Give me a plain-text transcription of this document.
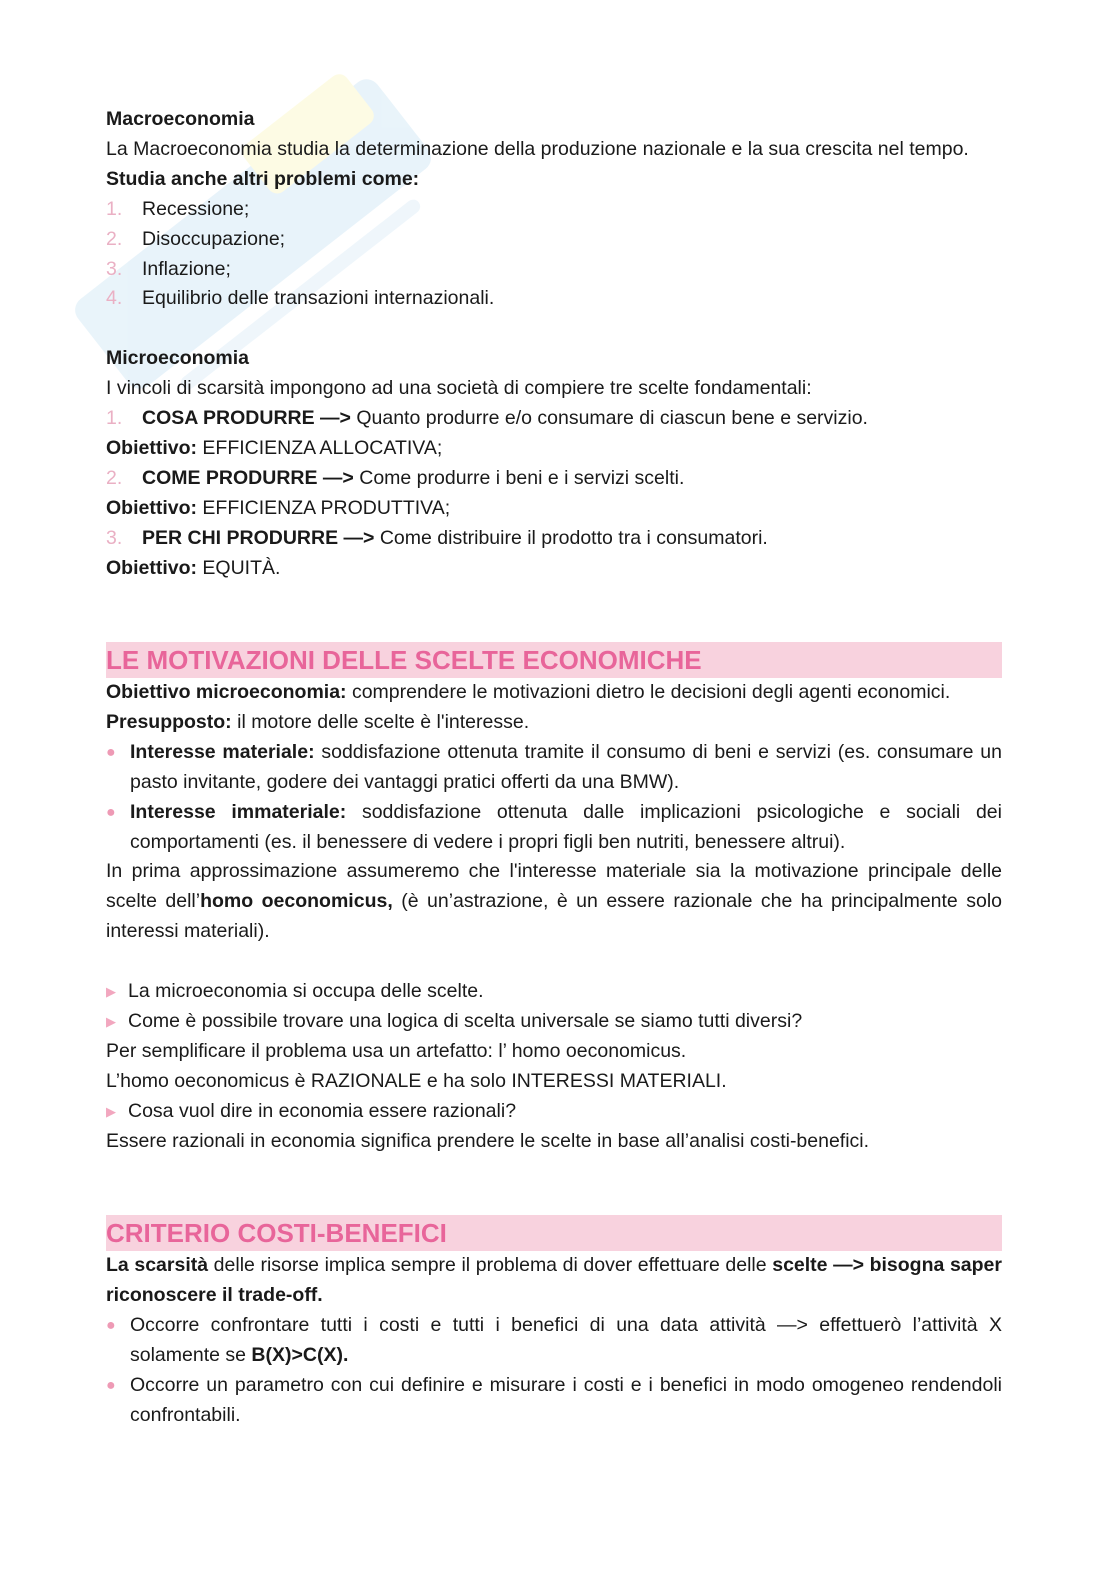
Macroeconomia

La Macroeconomia studia la determinazione della produzione nazionale e la sua crescita nel tempo.

Studia anche altri problemi come:

1.	Recessione;
2.	Disoccupazione;
3.	Inflazione;
4.	Equilibrio delle transazioni internazionali.

Microeconomia

I vincoli di scarsità impongono ad una società di compiere tre scelte fondamentali:

1.	COSA PRODURRE —> Quanto produrre e/o consumare di ciascun bene e servizio.

Obiettivo: EFFICIENZA ALLOCATIVA;

2.	COME PRODURRE —> Come produrre i beni e i servizi scelti.

Obiettivo: EFFICIENZA PRODUTTIVA;

3.	PER CHI PRODURRE —> Come distribuire il prodotto tra i consumatori.

Obiettivo: EQUITÀ.

LE MOTIVAZIONI DELLE SCELTE ECONOMICHE

Obiettivo microeconomia: comprendere le motivazioni dietro le decisioni degli agenti economici.

Presupposto: il motore delle scelte è l'interesse.

● Interesse materiale: soddisfazione ottenuta tramite il consumo di beni e servizi (es. consumare un pasto invitante, godere dei vantaggi pratici offerti da una BMW).
● Interesse immateriale: soddisfazione ottenuta dalle implicazioni psicologiche e sociali dei comportamenti (es. il benessere di vedere i propri figli ben nutriti, benessere altrui).

In prima approssimazione assumeremo che l'interesse materiale sia la motivazione principale delle scelte dell’homo oeconomicus, (è un’astrazione, è un essere razionale che ha principalmente solo interessi materiali).

▶ La microeconomia si occupa delle scelte.
▶ Come è possibile trovare una logica di scelta universale se siamo tutti diversi?

Per semplificare il problema usa un artefatto: l’ homo oeconomicus.

L’homo oeconomicus è RAZIONALE e ha solo INTERESSI MATERIALI.

▶ Cosa vuol dire in economia essere razionali?

Essere razionali in economia significa prendere le scelte in base all’analisi costi-benefici.

CRITERIO COSTI-BENEFICI

La scarsità delle risorse implica sempre il problema di dover effettuare delle scelte —> bisogna saper riconoscere il trade-off.

● Occorre confrontare tutti i costi e tutti i benefici di una data attività —> effettuerò l’attività X solamente se B(X)>C(X).
● Occorre un parametro con cui definire e misurare i costi e i benefici in modo omogeneo rendendoli confrontabili.
